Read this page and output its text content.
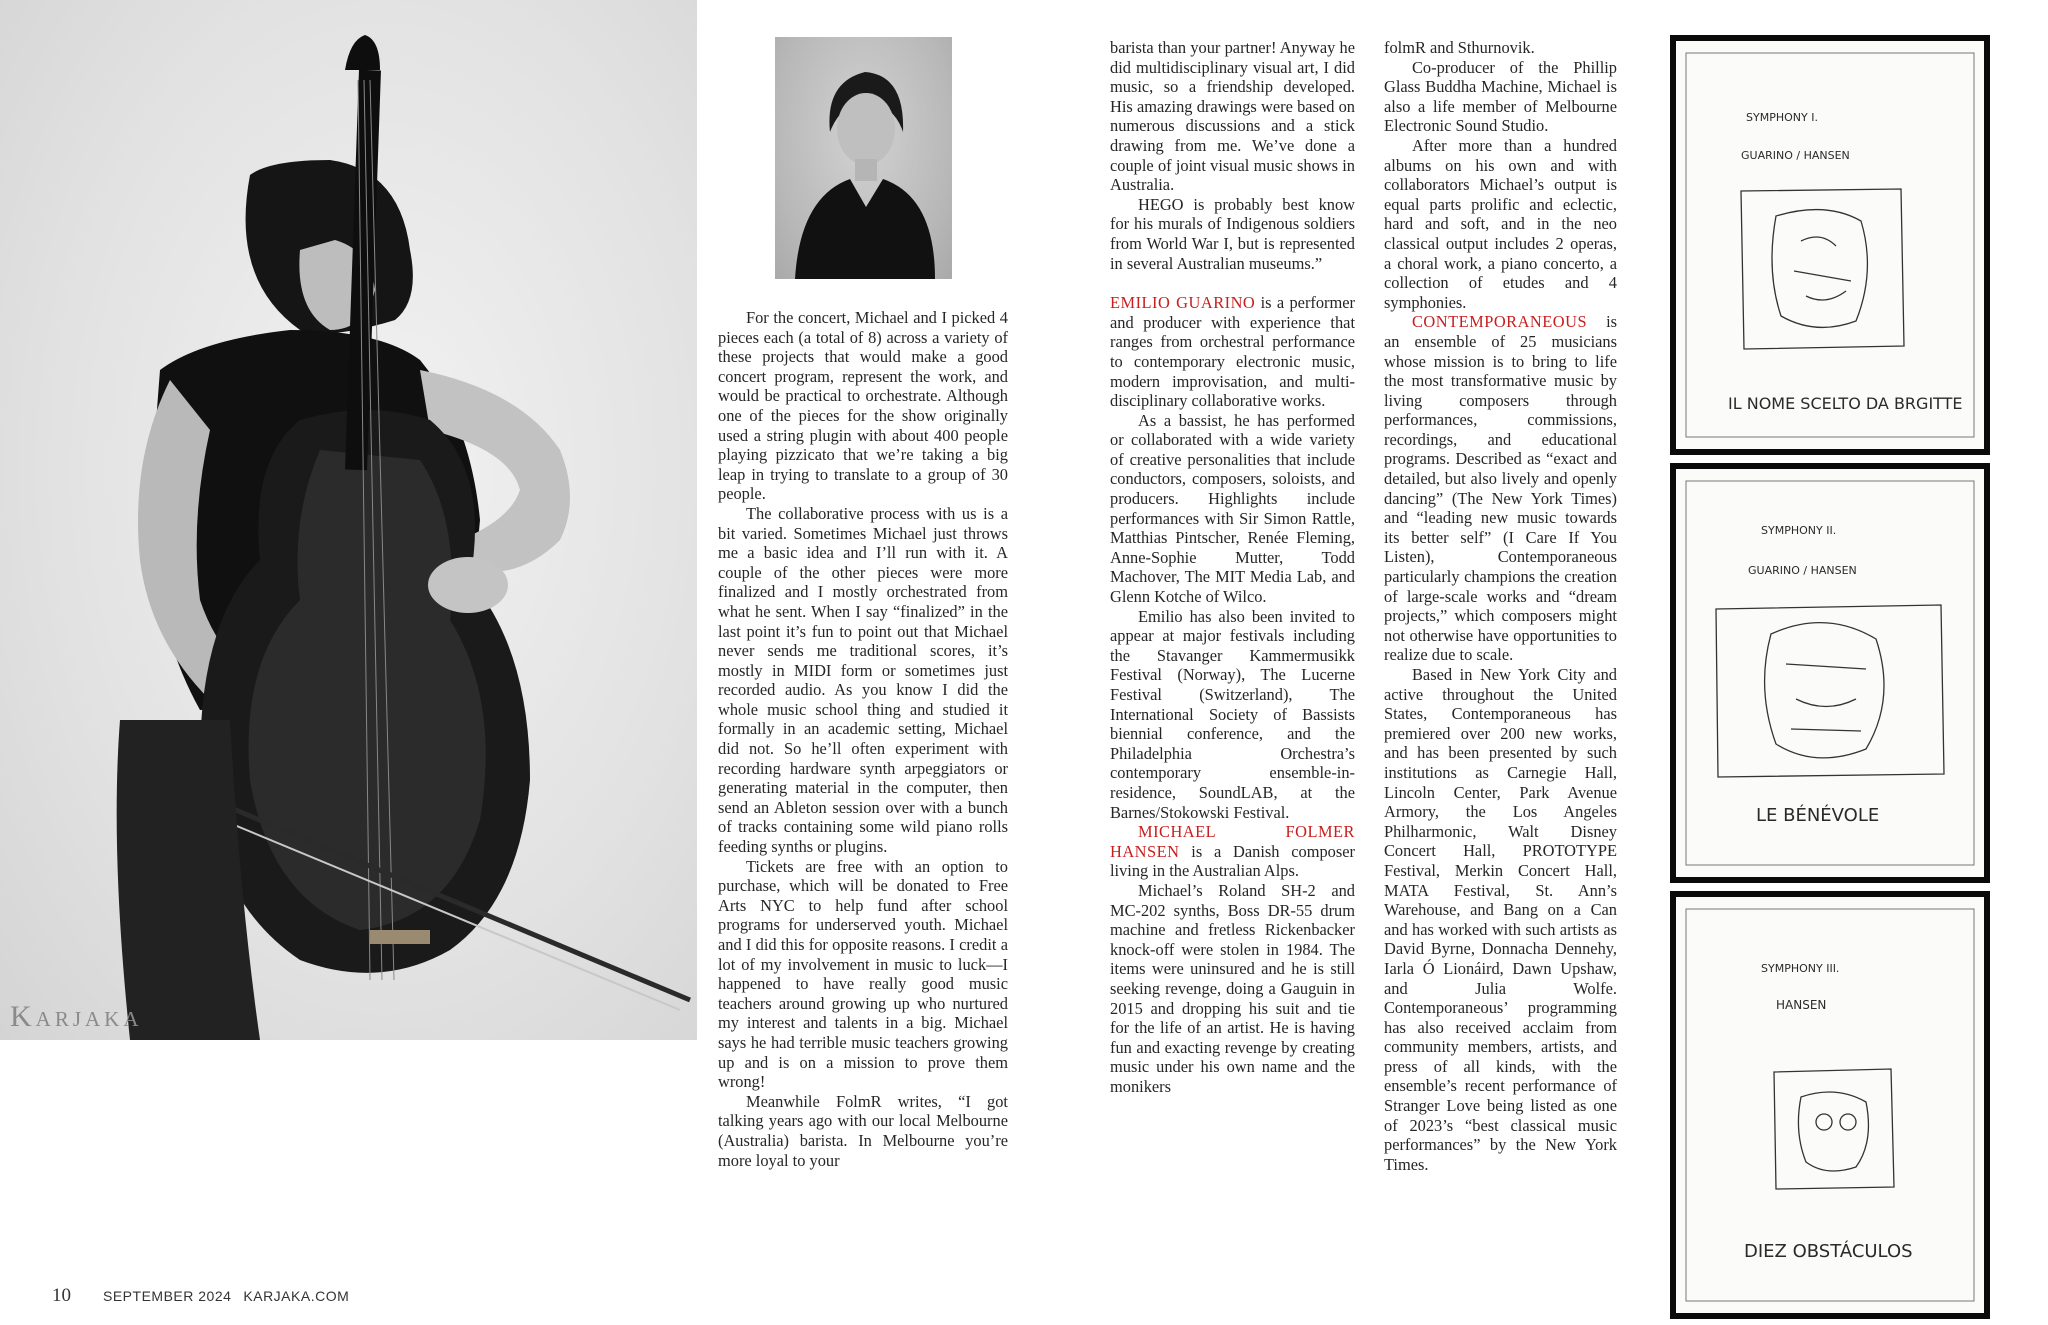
Karjaka

For the concert, Michael and I picked 4 pieces each (a total of 8) across a variety of these projects that would make a good concert program, represent the work, and would be practical to orchestrate. Although one of the pieces for the show originally used a string plugin with about 400 people playing pizzicato that we’re taking a big leap in trying to translate to a group of 30 people.

The collaborative process with us is a bit varied. Sometimes Michael just throws me a basic idea and I’ll run with it. A couple of the other pieces were more finalized and I mostly orchestrated from what he sent. When I say “finalized” in the last point it’s fun to point out that Michael never sends me traditional scores, it’s mostly in MIDI form or sometimes just recorded audio. As you know I did the whole music school thing and studied it formally in an academic setting, Michael did not. So he’ll often experiment with recording hardware synth arpeggiators or generating material in the computer, then send an Ableton session over with a bunch of tracks containing some wild piano rolls feeding synths or plugins.

Tickets are free with an option to purchase, which will be donated to Free Arts NYC to help fund after school programs for underserved youth. Michael and I did this for opposite reasons. I credit a lot of my involvement in music to luck—I happened to have really good music teachers around growing up who nurtured my interest and talents in a big. Michael says he had terrible music teachers growing up and is on a mission to prove them wrong!

Meanwhile FolmR writes, “I got talking years ago with our local Melbourne (Australia) barista. In Melbourne you’re more loyal to your

barista than your partner! Anyway he did multidisciplinary visual art, I did music, so a friendship developed. His amazing drawings were based on numerous discussions and a stick drawing from me. We’ve done a couple of joint visual music shows in Australia.

HEGO is probably best know for his murals of Indigenous soldiers from World War I, but is represented in several Australian museums.”

EMILIO GUARINO is a performer and producer with experience that ranges from orchestral performance to contemporary electronic music, modern improvisation, and multi-disciplinary collaborative works.

As a bassist, he has performed or collaborated with a wide variety of creative personalities that include conductors, composers, soloists, and producers. Highlights include performances with Sir Simon Rattle, Matthias Pintscher, Renée Fleming, Anne-Sophie Mutter, Todd Machover, The MIT Media Lab, and Glenn Kotche of Wilco.

Emilio has also been invited to appear at major festivals including the Stavanger Kammermusikk Festival (Norway), The Lucerne Festival (Switzerland), The International Society of Bassists biennial conference, and the Philadelphia Orchestra’s contemporary ensemble-in-residence, SoundLAB, at the Barnes/Stokowski Festival.

MICHAEL FOLMER HANSEN is a Danish composer living in the Australian Alps.

Michael’s Roland SH-2 and MC-202 synths, Boss DR-55 drum machine and fretless Rickenbacker knock-off were stolen in 1984. The items were uninsured and he is still seeking revenge, doing a Gauguin in 2015 and dropping his suit and tie for the life of an artist. He is having fun and exacting revenge by creating music under his own name and the monikers

folmR and Sthurnovik.

Co-producer of the Phillip Glass Buddha Machine, Michael is also a life member of Melbourne Electronic Sound Studio.

After more than a hundred albums on his own and with collaborators Michael’s output is equal parts prolific and eclectic, hard and soft, and in the neo classical output includes 2 operas, a choral work, a piano concerto, a collection of etudes and 4 symphonies.

CONTEMPORANEOUS is an ensemble of 25 musicians whose mission is to bring to life the most transformative music by living composers through performances, commissions, recordings, and educational programs. Described as “exact and detailed, but also lively and openly dancing” (The New York Times) and “leading new music towards its better self” (I Care If You Listen), Contemporaneous particularly champions the creation of large-scale works and “dream projects,” which composers might not otherwise have opportunities to realize due to scale.

Based in New York City and active throughout the United States, Contemporaneous has premiered over 200 new works, and has been presented by such institutions as Carnegie Hall, Lincoln Center, Park Avenue Armory, the Los Angeles Philharmonic, Walt Disney Concert Hall, PROTOTYPE Festival, Merkin Concert Hall, MATA Festival, St. Ann’s Warehouse, and Bang on a Can and has worked with such artists as David Byrne, Donnacha Dennehy, Iarla Ó Lionáird, Dawn Upshaw, and Julia Wolfe. Contemporaneous’ programming has also received acclaim from community members, artists, and press of all kinds, with the ensemble’s recent performance of Stranger Love being listed as one of 2023’s “best classical music performances” by the New York Times.

SYMPHONY I.
GUARINO / HANSEN
IL NOME SCELTO DA BRGITTE
SYMPHONY II.
GUARINO / HANSEN
LE BÉNÉVOLE
SYMPHONY III.
HANSEN
DIEZ OBSTÁCULOS
10 SEPTEMBER 2024 KARJAKA.COM
